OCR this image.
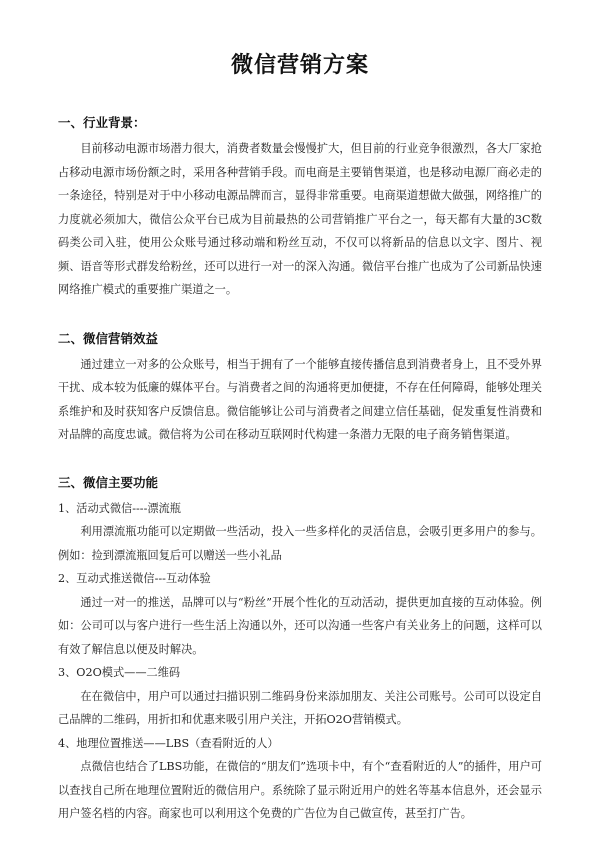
微信营销方案
一、行业背景：

目前移动电源市场潜力很大，消费者数量会慢慢扩大，但目前的行业竞争很激烈，各大厂家抢占移动电源市场份额之时，采用各种营销手段。而电商是主要销售渠道，也是移动电源厂商必走的一条途径，特别是对于中小移动电源品牌而言，显得非常重要。电商渠道想做大做强，网络推广的力度就必须加大，微信公众平台已成为目前最热的公司营销推广平台之一，每天都有大量的3C数码类公司入驻，使用公众账号通过移动端和粉丝互动，不仅可以将新品的信息以文字、图片、视频、语音等形式群发给粉丝，还可以进行一对一的深入沟通。微信平台推广也成为了公司新品快速网络推广模式的重要推广渠道之一。

二、微信营销效益

通过建立一对多的公众账号，相当于拥有了一个能够直接传播信息到消费者身上，且不受外界干扰、成本较为低廉的媒体平台。与消费者之间的沟通将更加便捷，不存在任何障碍，能够处理关系维护和及时获知客户反馈信息。微信能够让公司与消费者之间建立信任基础，促发重复性消费和对品牌的高度忠诚。微信将为公司在移动互联网时代构建一条潜力无限的电子商务销售渠道。

三、微信主要功能

1、活动式微信----漂流瓶

利用漂流瓶功能可以定期做一些活动，投入一些多样化的灵活信息，会吸引更多用户的参与。例如：捡到漂流瓶回复后可以赠送一些小礼品

2、互动式推送微信---互动体验

通过一对一的推送，品牌可以与“粉丝”开展个性化的互动活动，提供更加直接的互动体验。例如：公司可以与客户进行一些生活上沟通以外，还可以沟通一些客户有关业务上的问题，这样可以有效了解信息以便及时解决。

3、O2O模式——二维码

在在微信中，用户可以通过扫描识别二维码身份来添加朋友、关注公司账号。公司可以设定自己品牌的二维码，用折扣和优惠来吸引用户关注，开拓O2O营销模式。

4、地理位置推送——LBS（查看附近的人）

点微信也结合了LBS功能，在微信的“朋友们”选项卡中，有个“查看附近的人”的插件，用户可以查找自己所在地理位置附近的微信用户。系统除了显示附近用户的姓名等基本信息外，还会显示用户签名档的内容。商家也可以利用这个免费的广告位为自己做宣传，甚至打广告。
